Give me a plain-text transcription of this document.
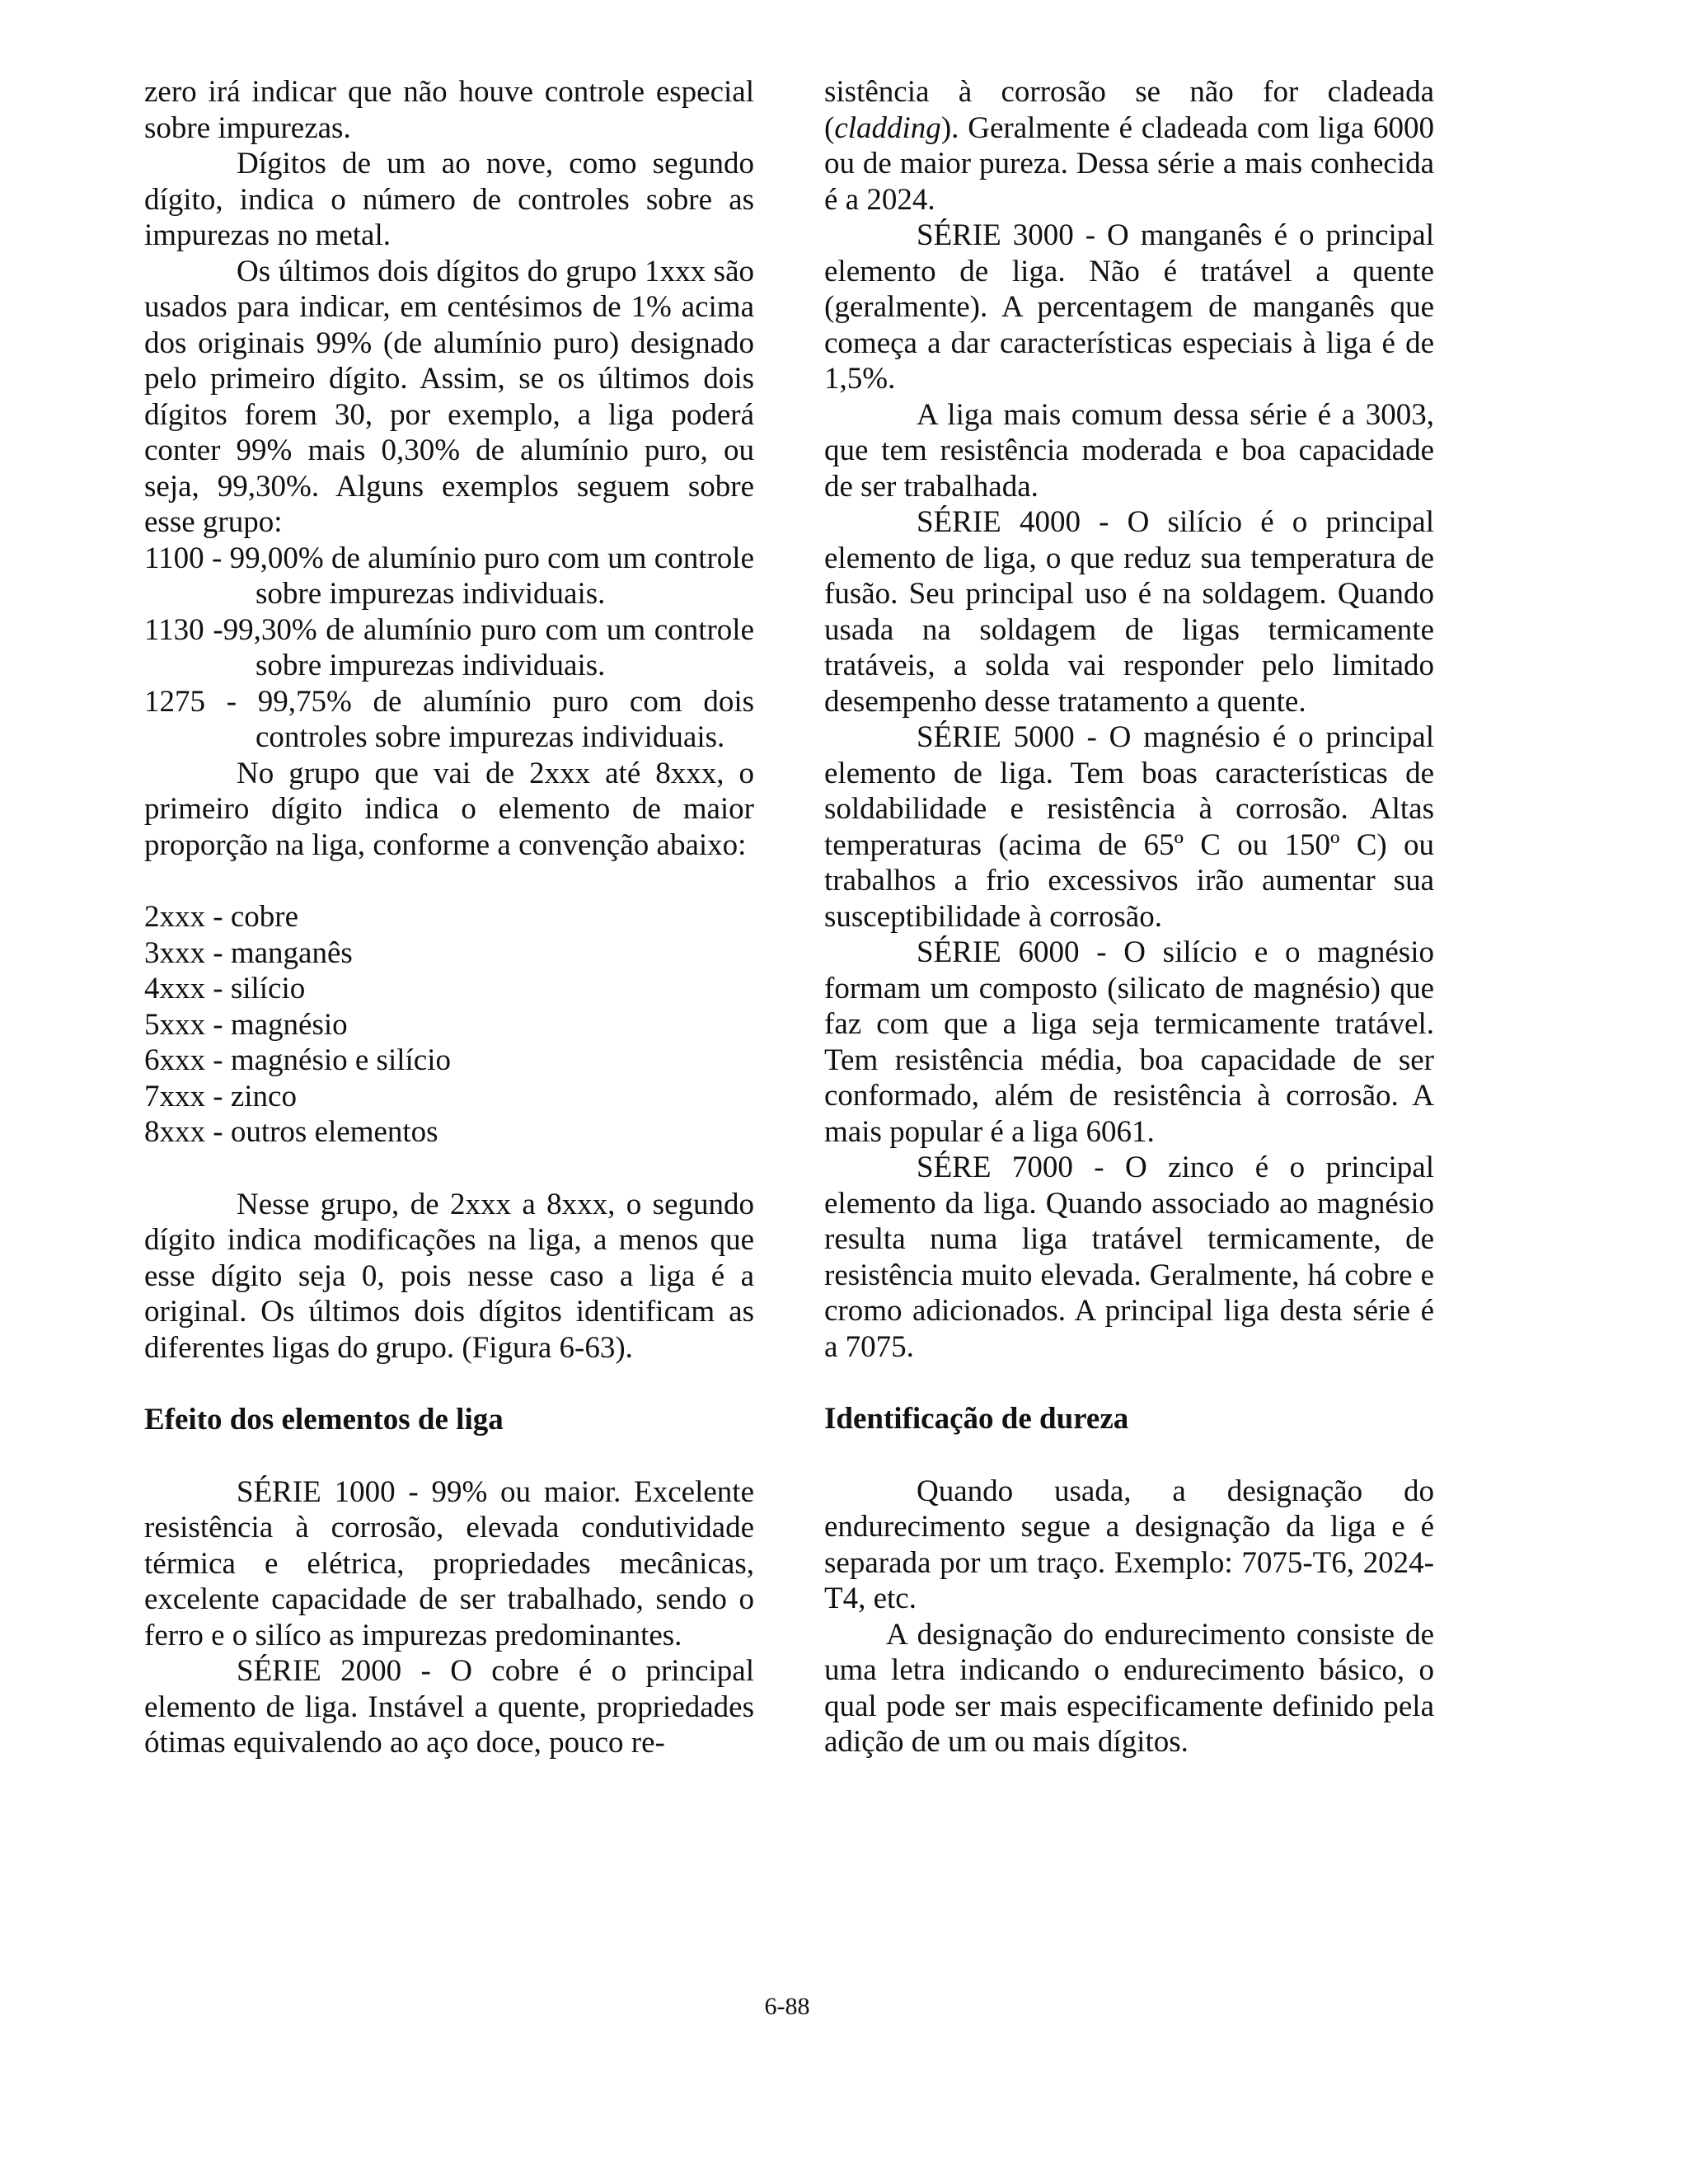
zero irá indicar que não houve controle especial sobre impurezas.

Dígitos de um ao nove, como segundo dígito, indica o número de controles sobre as impurezas no metal.

Os últimos dois dígitos do grupo 1xxx são usados para indicar, em centésimos de 1% acima dos originais 99% (de alumínio puro) designado pelo primeiro dígito. Assim, se os últimos dois dígitos forem 30, por exemplo, a liga poderá conter 99% mais 0,30% de alumínio puro, ou seja, 99,30%. Alguns exemplos seguem sobre esse grupo:

1100 - 99,00% de alumínio puro com um controle sobre impurezas individuais.

1130 -99,30% de alumínio puro com um controle sobre impurezas individuais.

1275 - 99,75% de alumínio puro com dois controles sobre impurezas individuais.

No grupo que vai de 2xxx até 8xxx, o primeiro dígito indica o elemento de maior proporção na liga, conforme a convenção abaixo:

2xxx - cobre
3xxx - manganês
4xxx - silício
5xxx - magnésio
6xxx - magnésio e silício
7xxx - zinco
8xxx - outros elementos

Nesse grupo, de 2xxx a 8xxx, o segundo dígito indica modificações na liga, a menos que esse dígito seja 0, pois nesse caso a liga é a original. Os últimos dois dígitos identificam as diferentes ligas do grupo. (Figura 6-63).

Efeito dos elementos de liga

SÉRIE 1000 - 99% ou maior. Excelente resistência à corrosão, elevada condutividade térmica e elétrica, propriedades mecânicas, excelente capacidade de ser trabalhado, sendo o ferro e o silíco as impurezas predominantes.

SÉRIE 2000 - O cobre é o principal elemento de liga. Instável a quente, propriedades ótimas equivalendo ao aço doce, pouco re-

sistência à corrosão se não for cladeada (cladding). Geralmente é cladeada com liga 6000 ou de maior pureza. Dessa série a mais conhecida é a 2024.

SÉRIE 3000 - O manganês é o principal elemento de liga. Não é tratável a quente (geralmente). A percentagem de manganês que começa a dar características especiais à liga é de 1,5%.

A liga mais comum dessa série é a 3003, que tem resistência moderada e boa capacidade de ser trabalhada.

SÉRIE 4000 - O silício é o principal elemento de liga, o que reduz sua temperatura de fusão. Seu principal uso é na soldagem. Quando usada na soldagem de ligas termicamente tratáveis, a solda vai responder pelo limitado desempenho desse tratamento a quente.

SÉRIE 5000 - O magnésio é o principal elemento de liga. Tem boas características de soldabilidade e resistência à corrosão. Altas temperaturas (acima de 65º C ou 150º C) ou trabalhos a frio excessivos irão aumentar sua susceptibilidade à corrosão.

SÉRIE 6000 - O silício e o magnésio formam um composto (silicato de magnésio) que faz com que a liga seja termicamente tratável. Tem resistência média, boa capacidade de ser conformado, além de resistência à corrosão. A mais popular é a liga 6061.

SÉRE 7000 - O zinco é o principal elemento da liga. Quando associado ao magnésio resulta numa liga tratável termicamente, de resistência muito elevada. Geralmente, há cobre e cromo adicionados. A principal liga desta série é a 7075.

Identificação de dureza

Quando usada, a designação do endurecimento segue a designação da liga e é separada por um traço. Exemplo: 7075-T6, 2024-T4, etc.

A designação do endurecimento consiste de uma letra indicando o endurecimento básico, o qual pode ser mais especificamente definido pela adição de um ou mais dígitos.

6-88
